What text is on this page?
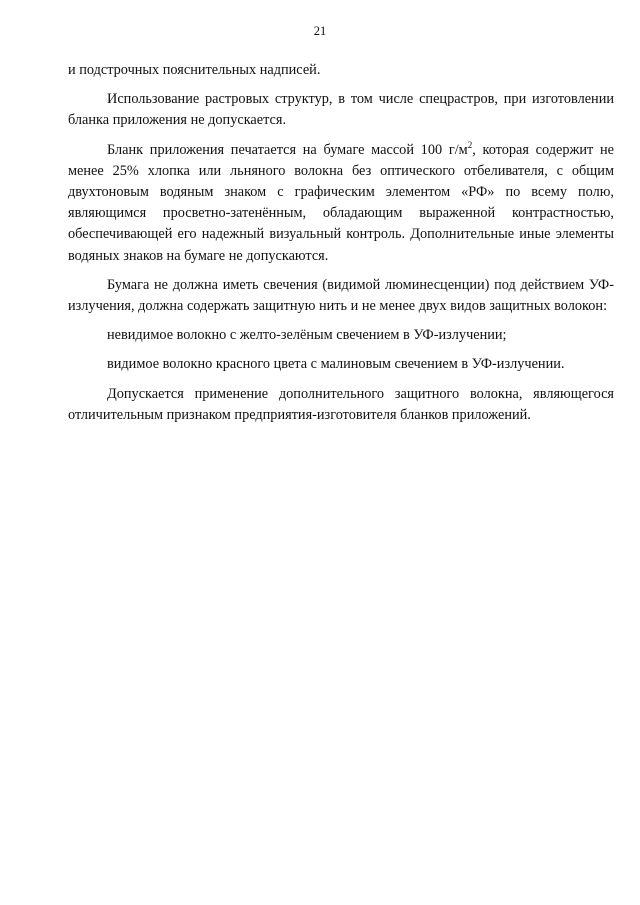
21

и подстрочных пояснительных надписей.

Использование растровых структур, в том числе спецрастров, при изготовлении бланка приложения не допускается.

Бланк приложения печатается на бумаге массой 100 $г/м^2$, которая содержит не менее 25% хлопка или льняного волокна без оптического отбеливателя, с общим двухтоновым водяным знаком с графическим элементом «РФ» по всему полю, являющимся просветно-затенённым, обладающим выраженной контрастностью, обеспечивающей его надежный визуальный контроль. Дополнительные иные элементы водяных знаков на бумаге не допускаются.

Бумага не должна иметь свечения (видимой люминесценции) под действием УФ-излучения, должна содержать защитную нить и не менее двух видов защитных волокон:

невидимое волокно с желто-зелёным свечением в УФ-излучении;

видимое волокно красного цвета с малиновым свечением в УФ-излучении.

Допускается применение дополнительного защитного волокна, являющегося отличительным признаком предприятия-изготовителя бланков приложений.
